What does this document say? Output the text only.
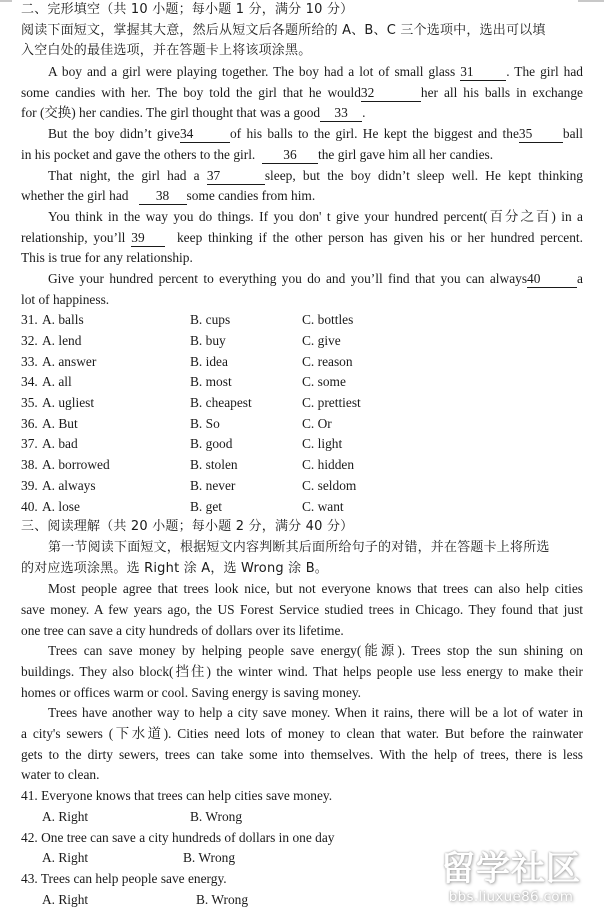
二、完形填空（共 10 小题；每小题 1 分，满分 10 分）
阅读下面短文，掌握其大意，然后从短文后各题所给的 A、B、C 三个选项中，选出可以填
入空白处的最佳选项，并在答题卡上将该项涂黑。
A boy and a girl were playing together. The boy had a lot of small glass 31 . The girl had
some candies with her. The boy told the girl that he would32	her all his balls in exchange
for (交换) her candies. The girl thought that was a good 33 .
But the boy didn’t give34	of his balls to the girl. He kept the biggest and the35 ball
in his pocket and gave the others to the girl. 36 the girl gave him all her candies.
That night, the girl had a 37	sleep, but the boy didn’t sleep well. He kept thinking
whether the girl had 38 some candies from him.
You think in the way you do things. If you don' t give your hundred percent(百分之百) in a
relationship, you’ll 39 keep thinking if the other person has given his or her hundred percent.
This is true for any relationship.
Give your hundred percent to everything you do and you’ll find that you can always40	a
lot of happiness.
31. A. balls	B. cups	C. bottles
32. A. lend	B. buy	C. give
33. A. answer	B. idea	C. reason
34. A. all	B. most	C. some
35. A. ugliest	B. cheapest	C. prettiest
36. A. But	B. So	C. Or
37. A. bad	B. good	C. light
38. A. borrowed	B. stolen	C. hidden
39. A. always	B. never	C. seldom
40. A. lose	B. get	C. want
三、阅读理解（共 20 小题；每小题 2 分，满分 40 分）
第一节阅读下面短文，根据短文内容判断其后面所给句子的对错，并在答题卡上将所选
的对应选项涂黑。选 Right 涂 A，选 Wrong 涂 B。
Most people agree that trees look nice, but not everyone knows that trees can also help cities
save money. A few years ago, the US Forest Service studied trees in Chicago. They found that just
one tree can save a city hundreds of dollars over its lifetime.
Trees can save money by helping people save energy(能源). Trees stop the sun shining on
buildings. They also block(挡住) the winter wind. That helps people use less energy to make their
homes or offices warm or cool. Saving energy is saving money.
Trees have another way to help a city save money. When it rains, there will be a lot of water in
a city's sewers (下水道). Cities need lots of money to clean that water. But before the rainwater
gets to the dirty sewers, trees can take some into themselves. With the help of trees, there is less
water to clean.
41. Everyone knows that trees can help cities save money.
A. Right	B. Wrong
42. One tree can save a city hundreds of dollars in one day
A. Right	B. Wrong
43. Trees can help people save energy.
A. Right	B. Wrong
留学社区
bbs.liuxue86.com
